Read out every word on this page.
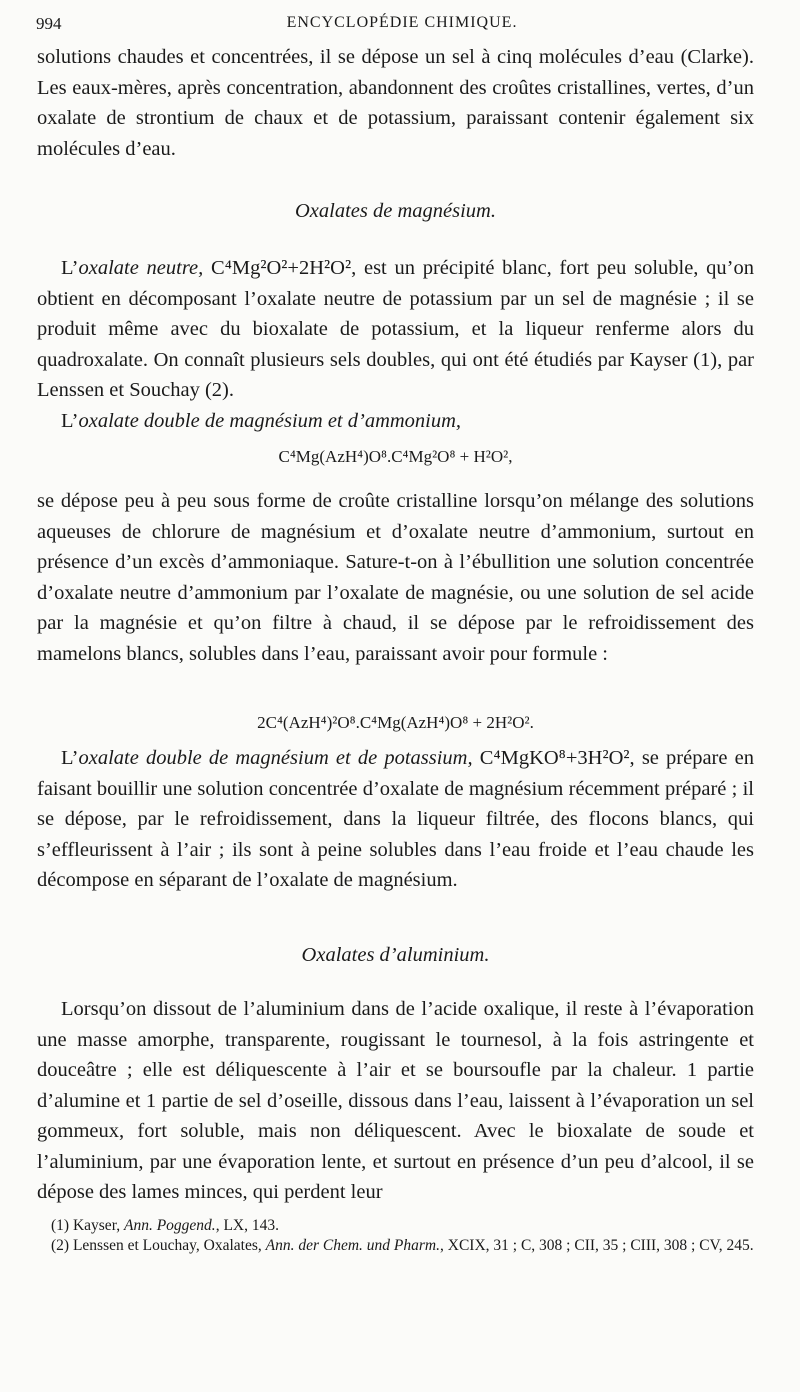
994	ENCYCLOPÉDIE CHIMIQUE.

solutions chaudes et concentrées, il se dépose un sel à cinq molécules d’eau (Clarke). Les eaux-mères, après concentration, abandonnent des croûtes cristallines, vertes, d’un oxalate de strontium de chaux et de potassium, paraissant contenir également six molécules d’eau.

Oxalates de magnésium.

L’oxalate neutre, C⁴Mg²O²+2H²O², est un précipité blanc, fort peu soluble, qu’on obtient en décomposant l’oxalate neutre de potassium par un sel de magnésie ; il se produit même avec du bioxalate de potassium, et la liqueur renferme alors du quadroxalate. On connaît plusieurs sels doubles, qui ont été étudiés par Kayser (1), par Lenssen et Souchay (2).

L’oxalate double de magnésium et d’ammonium,

C⁴Mg(AzH⁴)O⁸.C⁴Mg²O⁸ + H²O²,

se dépose peu à peu sous forme de croûte cristalline lorsqu’on mélange des solutions aqueuses de chlorure de magnésium et d’oxalate neutre d’ammonium, surtout en présence d’un excès d’ammoniaque. Sature-t-on à l’ébullition une solution concentrée d’oxalate neutre d’ammonium par l’oxalate de magnésie, ou une solution de sel acide par la magnésie et qu’on filtre à chaud, il se dépose par le refroidissement des mamelons blancs, solubles dans l’eau, paraissant avoir pour formule :

2C⁴(AzH⁴)²O⁸.C⁴Mg(AzH⁴)O⁸ + 2H²O².

L’oxalate double de magnésium et de potassium, C⁴MgKO⁸+3H²O², se prépare en faisant bouillir une solution concentrée d’oxalate de magnésium récemment préparé ; il se dépose, par le refroidissement, dans la liqueur filtrée, des flocons blancs, qui s’effleurissent à l’air ; ils sont à peine solubles dans l’eau froide et l’eau chaude les décompose en séparant de l’oxalate de magnésium.

Oxalates d’aluminium.

Lorsqu’on dissout de l’aluminium dans de l’acide oxalique, il reste à l’évaporation une masse amorphe, transparente, rougissant le tournesol, à la fois astringente et douceâtre ; elle est déliquescente à l’air et se boursoufle par la chaleur. 1 partie d’alumine et 1 partie de sel d’oseille, dissous dans l’eau, laissent à l’évaporation un sel gommeux, fort soluble, mais non déliquescent. Avec le bioxalate de soude et l’aluminium, par une évaporation lente, et surtout en présence d’un peu d’alcool, il se dépose des lames minces, qui perdent leur

(1) Kayser, Ann. Poggend., LX, 143.

(2) Lenssen et Louchay, Oxalates, Ann. der Chem. und Pharm., XCIX, 31 ; C, 308 ; CII, 35 ; CIII, 308 ; CV, 245.
